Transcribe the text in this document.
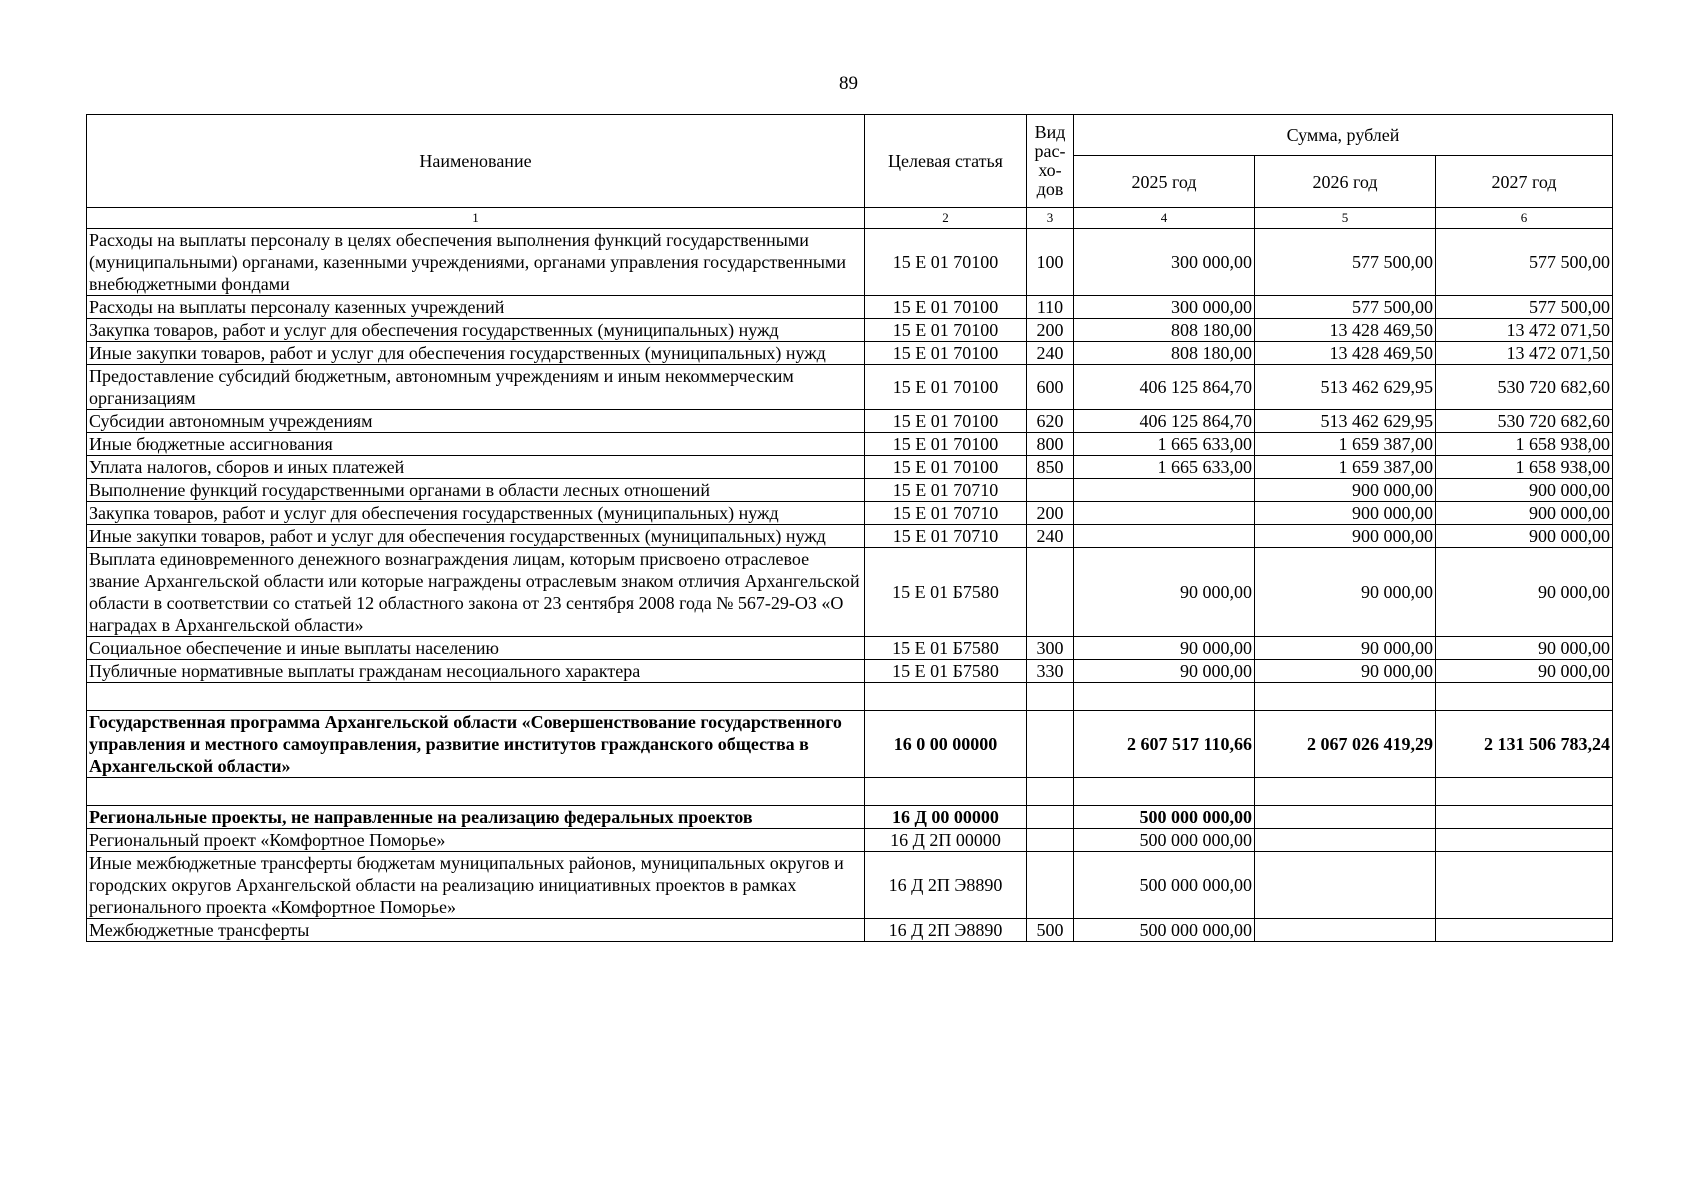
89
Наименование	Целевая статья	Вид рас-хо-дов	Сумма, рублей		
			2025 год	2026 год	2027 год
1	2	3	4	5	6
Расходы на выплаты персоналу в целях обеспечения выполнения функций государственными (муниципальными) органами, казенными учреждениями, органами управления государственными внебюджетными фондами	15 Е 01 70100	100	300 000,00	577 500,00	577 500,00
Расходы на выплаты персоналу казенных учреждений	15 Е 01 70100	110	300 000,00	577 500,00	577 500,00
Закупка товаров, работ и услуг для обеспечения государственных (муниципальных) нужд	15 Е 01 70100	200	808 180,00	13 428 469,50	13 472 071,50
Иные закупки товаров, работ и услуг для обеспечения государственных (муниципальных) нужд	15 Е 01 70100	240	808 180,00	13 428 469,50	13 472 071,50
Предоставление субсидий бюджетным, автономным учреждениям и иным некоммерческим организациям	15 Е 01 70100	600	406 125 864,70	513 462 629,95	530 720 682,60
Субсидии автономным учреждениям	15 Е 01 70100	620	406 125 864,70	513 462 629,95	530 720 682,60
Иные бюджетные ассигнования	15 Е 01 70100	800	1 665 633,00	1 659 387,00	1 658 938,00
Уплата налогов, сборов и иных платежей	15 Е 01 70100	850	1 665 633,00	1 659 387,00	1 658 938,00
Выполнение функций государственными органами в области лесных отношений	15 Е 01 70710			900 000,00	900 000,00
Закупка товаров, работ и услуг для обеспечения государственных (муниципальных) нужд	15 Е 01 70710	200		900 000,00	900 000,00
Иные закупки товаров, работ и услуг для обеспечения государственных (муниципальных) нужд	15 Е 01 70710	240		900 000,00	900 000,00
Выплата единовременного денежного вознаграждения лицам, которым присвоено отраслевое звание Архангельской области или которые награждены отраслевым знаком отличия Архангельской области в соответствии со статьей 12 областного закона от 23 сентября 2008 года № 567-29-ОЗ «О наградах в Архангельской области»	15 Е 01 Б7580		90 000,00	90 000,00	90 000,00
Социальное обеспечение и иные выплаты населению	15 Е 01 Б7580	300	90 000,00	90 000,00	90 000,00
Публичные нормативные выплаты гражданам несоциального характера	15 Е 01 Б7580	330	90 000,00	90 000,00	90 000,00

Государственная программа Архангельской области «Совершенствование государственного управления и местного самоуправления, развитие институтов гражданского общества в Архангельской области»	16 0 00 00000		2 607 517 110,66	2 067 026 419,29	2 131 506 783,24

Региональные проекты, не направленные на реализацию федеральных проектов	16 Д 00 00000		500 000 000,00		
Региональный проект «Комфортное Поморье»	16 Д 2П 00000		500 000 000,00		
Иные межбюджетные трансферты бюджетам муниципальных районов, муниципальных округов и городских округов Архангельской области на реализацию инициативных проектов в рамках регионального проекта «Комфортное Поморье»	16 Д 2П Э8890		500 000 000,00		
Межбюджетные трансферты	16 Д 2П Э8890	500	500 000 000,00		
